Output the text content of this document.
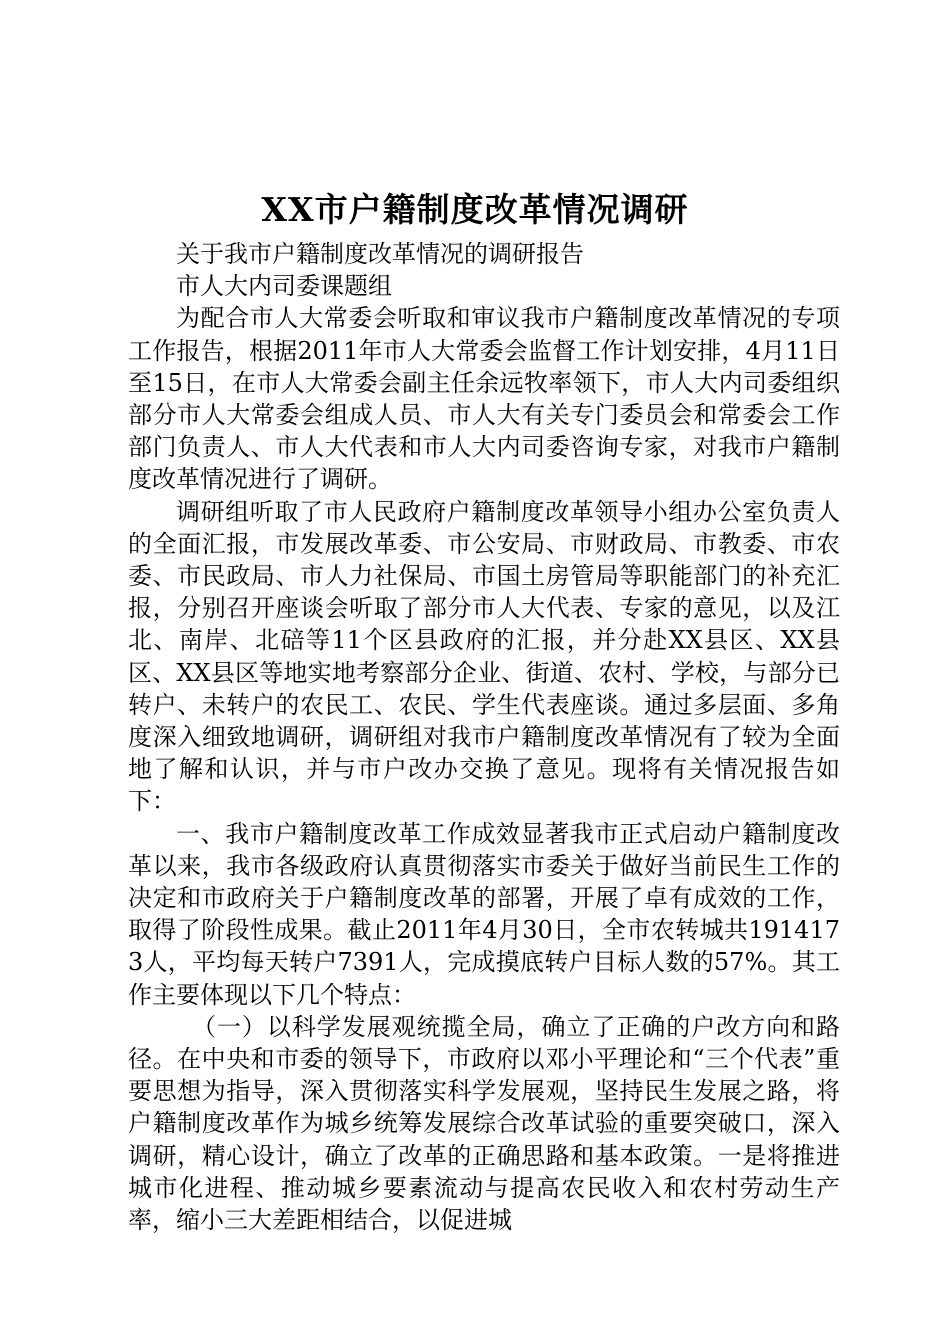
XX市户籍制度改革情况调研

关于我市户籍制度改革情况的调研报告

市人大内司委课题组

为配合市人大常委会听取和审议我市户籍制度改革情况的专项工作报告，根据2011年市人大常委会监督工作计划安排，4月11日至15日，在市人大常委会副主任余远牧率领下，市人大内司委组织部分市人大常委会组成人员、市人大有关专门委员会和常委会工作部门负责人、市人大代表和市人大内司委咨询专家，对我市户籍制度改革情况进行了调研。

调研组听取了市人民政府户籍制度改革领导小组办公室负责人的全面汇报，市发展改革委、市公安局、市财政局、市教委、市农委、市民政局、市人力社保局、市国土房管局等职能部门的补充汇报，分别召开座谈会听取了部分市人大代表、专家的意见，以及江北、南岸、北碚等11个区县政府的汇报，并分赴XX县区、XX县区、XX县区等地实地考察部分企业、街道、农村、学校，与部分已转户、未转户的农民工、农民、学生代表座谈。通过多层面、多角度深入细致地调研，调研组对我市户籍制度改革情况有了较为全面地了解和认识，并与市户改办交换了意见。现将有关情况报告如下：

一、我市户籍制度改革工作成效显著我市正式启动户籍制度改革以来，我市各级政府认真贯彻落实市委关于做好当前民生工作的决定和市政府关于户籍制度改革的部署，开展了卓有成效的工作，取得了阶段性成果。截止2011年4月30日，全市农转城共1914173人，平均每天转户7391人，完成摸底转户目标人数的57%。其工作主要体现以下几个特点：

（一）以科学发展观统揽全局，确立了正确的户改方向和路径。在中央和市委的领导下，市政府以邓小平理论和“三个代表”重要思想为指导，深入贯彻落实科学发展观，坚持民生发展之路，将户籍制度改革作为城乡统筹发展综合改革试验的重要突破口，深入调研，精心设计，确立了改革的正确思路和基本政策。一是将推进城市化进程、推动城乡要素流动与提高农民收入和农村劳动生产率，缩小三大差距相结合，以促进城
